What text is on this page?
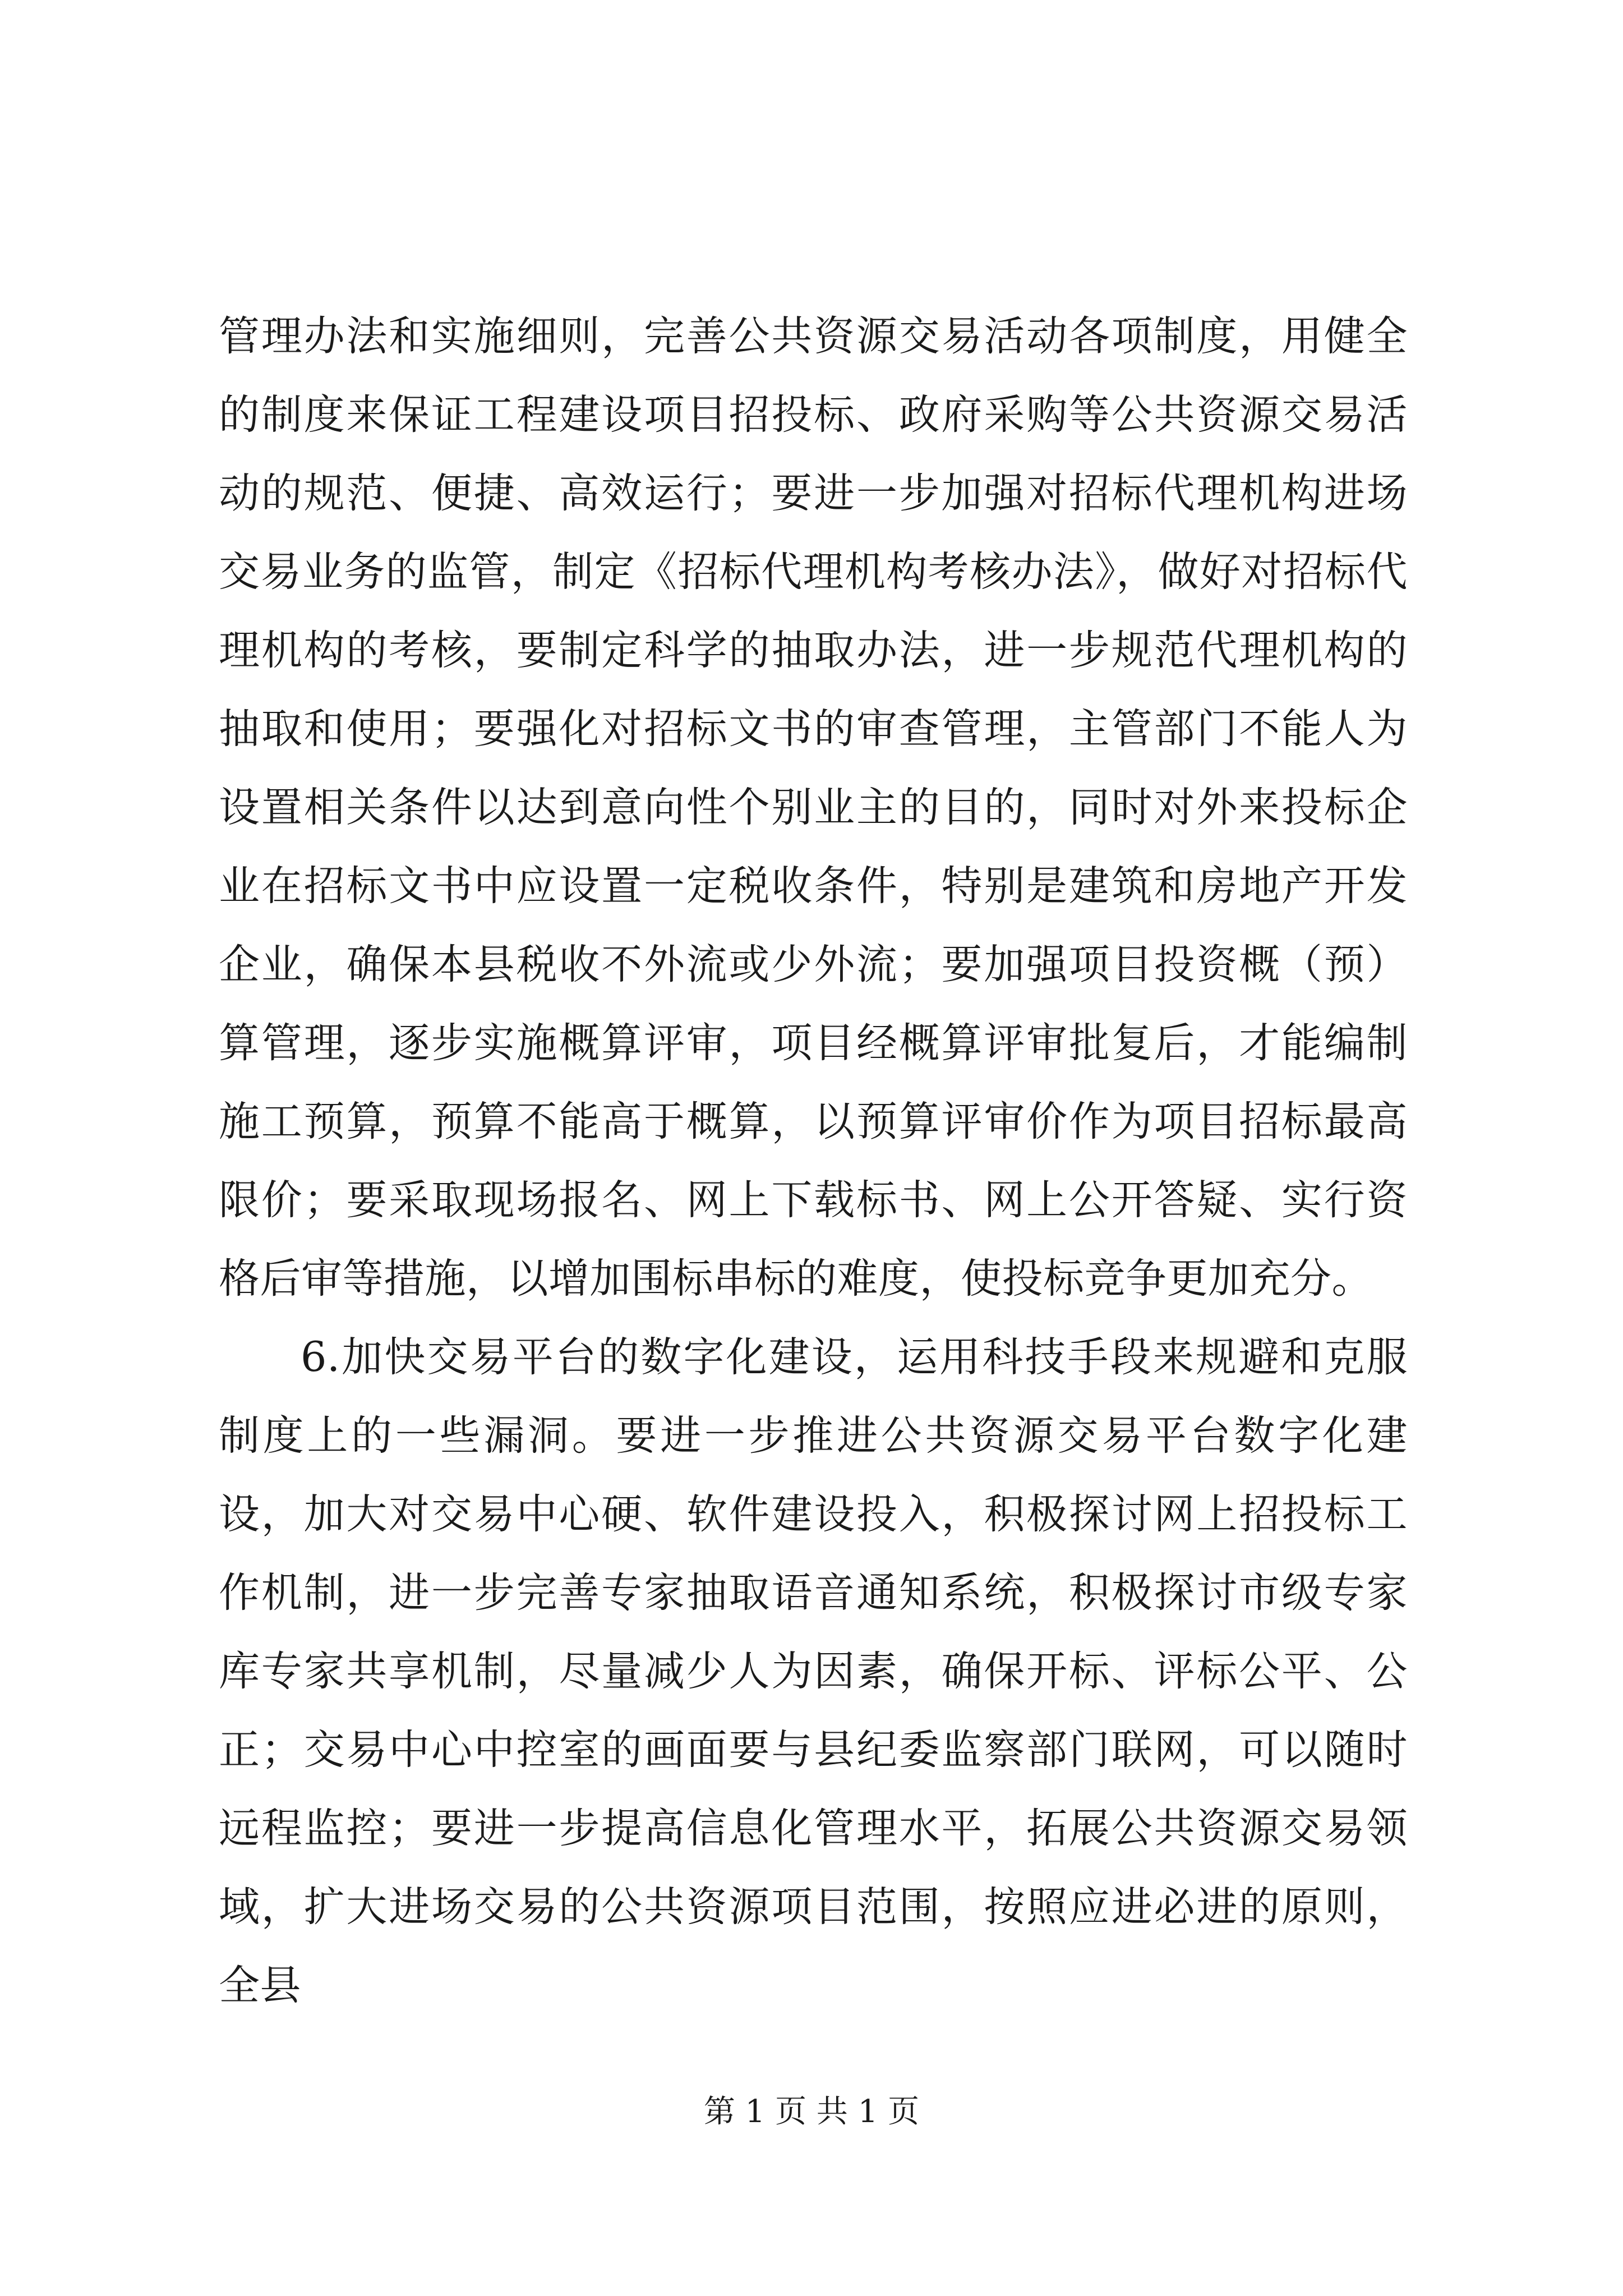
管理办法和实施细则，完善公共资源交易活动各项制度，用健全的制度来保证工程建设项目招投标、政府采购等公共资源交易活动的规范、便捷、高效运行；要进一步加强对招标代理机构进场交易业务的监管，制定《招标代理机构考核办法》，做好对招标代理机构的考核，要制定科学的抽取办法，进一步规范代理机构的抽取和使用；要强化对招标文书的审查管理，主管部门不能人为设置相关条件以达到意向性个别业主的目的，同时对外来投标企业在招标文书中应设置一定税收条件，特别是建筑和房地产开发企业，确保本县税收不外流或少外流；要加强项目投资概（预）算管理，逐步实施概算评审，项目经概算评审批复后，才能编制施工预算，预算不能高于概算，以预算评审价作为项目招标最高限价；要采取现场报名、网上下载标书、网上公开答疑、实行资格后审等措施，以增加围标串标的难度，使投标竞争更加充分。

6.加快交易平台的数字化建设，运用科技手段来规避和克服制度上的一些漏洞。要进一步推进公共资源交易平台数字化建设，加大对交易中心硬、软件建设投入，积极探讨网上招投标工作机制，进一步完善专家抽取语音通知系统，积极探讨市级专家库专家共享机制，尽量减少人为因素，确保开标、评标公平、公正；交易中心中控室的画面要与县纪委监察部门联网，可以随时远程监控；要进一步提高信息化管理水平，拓展公共资源交易领域，扩大进场交易的公共资源项目范围，按照应进必进的原则，全县

第 1 页 共 1 页
